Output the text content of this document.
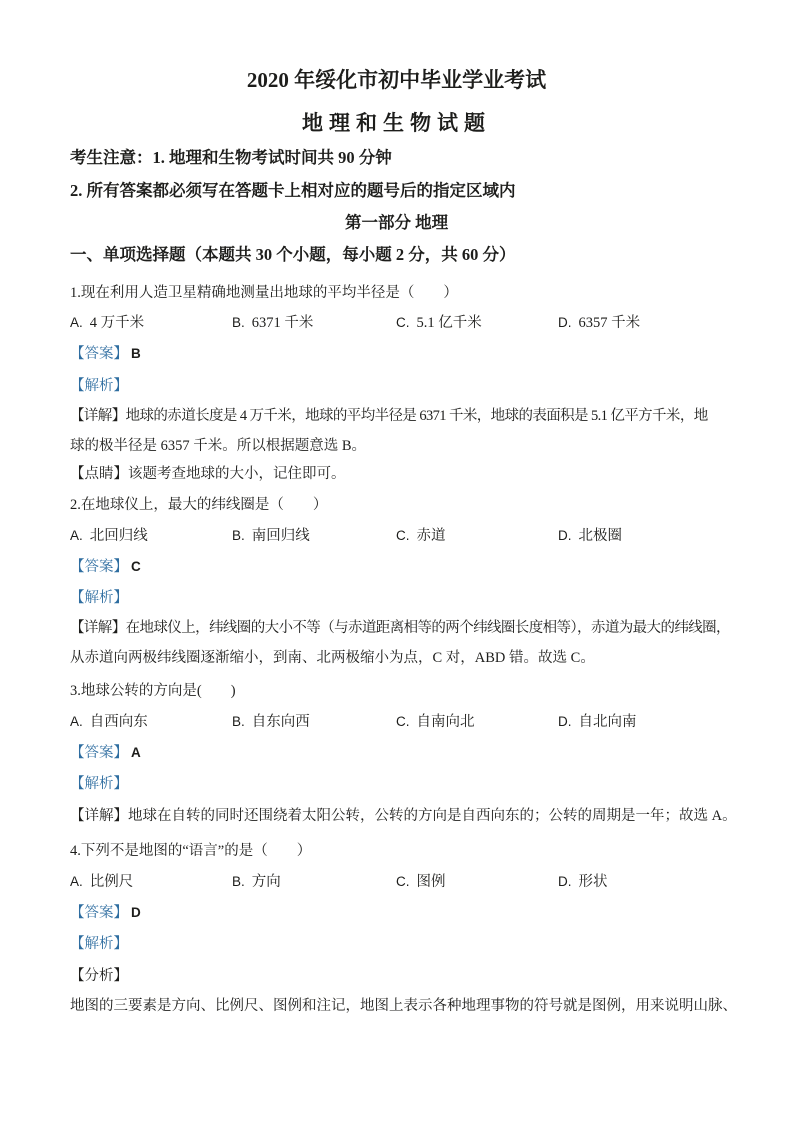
2020 年绥化市初中毕业学业考试
地理和生物试题
考生注意：1. 地理和生物考试时间共 90 分钟
2. 所有答案都必须写在答题卡上相对应的题号后的指定区域内
第一部分 地理
一、单项选择题（本题共 30 个小题，每小题 2 分，共 60 分）
1.现在利用人造卫星精确地测量出地球的平均半径是（　　）
A. 4 万千米	B. 6371 千米	C. 5.1 亿千米	D. 6357 千米
【答案】 B
【解析】
【详解】地球的赤道长度是 4 万千米，地球的平均半径是 6371 千米，地球的表面积是 5.1 亿平方千米，地
球的极半径是 6357 千米。所以根据题意选 B。
【点睛】该题考查地球的大小，记住即可。
2.在地球仪上，最大的纬线圈是（　　）
A. 北回归线	B. 南回归线	C. 赤道	D. 北极圈
【答案】 C
【解析】
【详解】在地球仪上，纬线圈的大小不等（与赤道距离相等的两个纬线圈长度相等），赤道为最大的纬线圈，
从赤道向两极纬线圈逐渐缩小，到南、北两极缩小为点，C 对，ABD 错。故选 C。
3.地球公转的方向是(　　)
A. 自西向东	B. 自东向西	C. 自南向北	D. 自北向南
【答案】 A
【解析】
【详解】地球在自转的同时还围绕着太阳公转，公转的方向是自西向东的；公转的周期是一年；故选 A。
4.下列不是地图的“语言”的是（　　）
A. 比例尺	B. 方向	C. 图例	D. 形状
【答案】 D
【解析】
【分析】
地图的三要素是方向、比例尺、图例和注记，地图上表示各种地理事物的符号就是图例，用来说明山脉、
